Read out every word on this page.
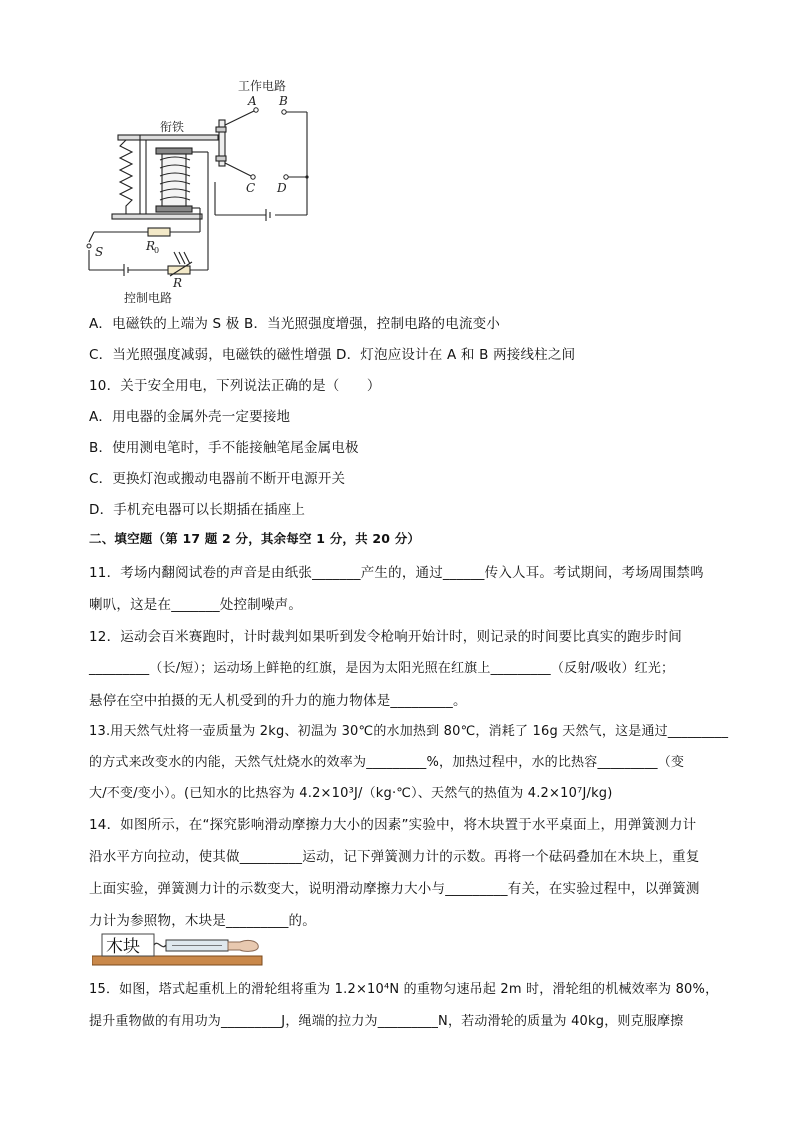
工作电路
A B
衔铁
C D
S	R
0
R
控制电路
A．电磁铁的上端为 S 极 B．当光照强度增强，控制电路的电流变小
C．当光照强度减弱，电磁铁的磁性增强 D．灯泡应设计在 A 和 B 两接线柱之间
10．关于安全用电，下列说法正确的是（　　）
A．用电器的金属外壳一定要接地
B．使用测电笔时，手不能接触笔尾金属电极
C．更换灯泡或搬动电器前不断开电源开关
D．手机充电器可以长期插在插座上
二、填空题（第 17 题 2 分，其余每空 1 分，共 20 分）
11．考场内翻阅试卷的声音是由纸张_______产生的，通过______传入人耳。考试期间，考场周围禁鸣
喇叭，这是在_______处控制噪声。
12．运动会百米赛跑时，计时裁判如果听到发令枪响开始计时，则记录的时间要比真实的跑步时间
_________（长/短）；运动场上鲜艳的红旗，是因为太阳光照在红旗上_________（反射/吸收）红光；
悬停在空中拍摄的无人机受到的升力的施力物体是_________。
13.用天然气灶将一壶质量为 2kg、初温为 30℃的水加热到 80℃，消耗了 16g 天然气，这是通过_________
的方式来改变水的内能，天然气灶烧水的效率为_________%，加热过程中，水的比热容_________（变
大/不变/变小）。(已知水的比热容为 4.2×10³J/（kg·℃）、天然气的热值为 4.2×10⁷J/kg)
14．如图所示，在“探究影响滑动摩擦力大小的因素”实验中，将木块置于水平桌面上，用弹簧测力计
沿水平方向拉动，使其做_________运动，记下弹簧测力计的示数。再将一个砝码叠加在木块上，重复
上面实验，弹簧测力计的示数变大，说明滑动摩擦力大小与_________有关，在实验过程中，以弹簧测
力计为参照物，木块是_________的。
木块
15．如图，塔式起重机上的滑轮组将重为 1.2×10⁴N 的重物匀速吊起 2m 时，滑轮组的机械效率为 80%，
提升重物做的有用功为_________J，绳端的拉力为_________N，若动滑轮的质量为 40kg，则克服摩擦
